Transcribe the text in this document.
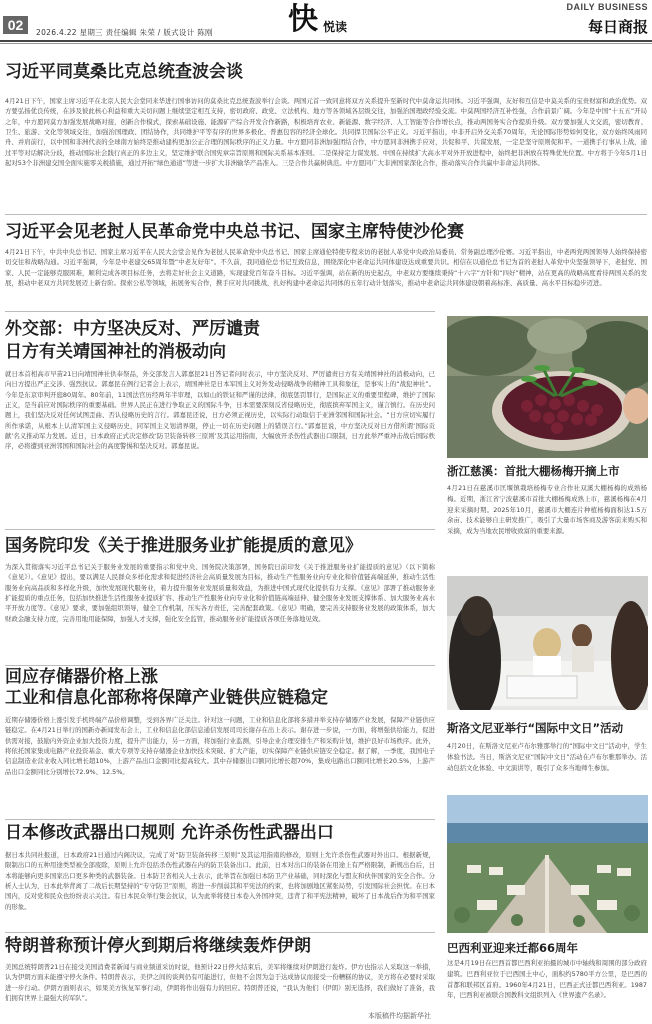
02	2026.4.22 星期三 责任编辑 朱荣 / 版式设计 陈刚	快 悦读
DAILY BUSINESS
每日商报
习近平同莫桑比克总统查波会谈
4月21日下午，国家主席习近平在北京人民大会堂同来华进行国事访问的莫桑比克总统查波举行会谈。两国元首一致同意将双方关系提升至新时代中莫命运共同体。习近平强调，友好和互信是中莫关系的宝贵财富和政治优势。双方要弘扬优良传统，在涉及彼此核心利益和重大关切问题上继续坚定相互支持，密切政府、政党、立法机构、地方等各领域各层级交往，加强治国理政经验交流。中莫两国经济互补性强，合作前景广阔。今年是中国“十五五”开局之年，中方愿同莫方加强发展战略对接，创新合作模式，探索基础设施、能源矿产综合开发合作新路，积极培育农业、新能源、数字经济、人工智能等合作增长点，推动两国务实合作提质升级。双方要加强人文交流，密切教育、卫生、旅游、文化等领域交往，加强治国理政、团结协作，共同维护平等有序的世界多极化、普惠包容的经济全球化。共同捍卫国际公平正义。习近平指出，中非开启外交关系70周年，无论国际形势如何变化，双方始终风雨同舟、并肩前行，以中国和非洲代表的全球南方始终是推动建构更加公正合理的国际秩序的正义力量。中方愿同非洲加强团结合作，中方愿同非洲携手应对，共促和平、共谋发展，一定是坚守原则促和平。一道携手行事从上战，通过平等对话解决分歧，推动国际社会践行真正的多边主义，坚定维护联合国宪章宗旨原则和国际关系基本准则。二是保持定力谋发展。中国在持续扩大高水平对外开放进程中，始终把非洲放在特殊优先位置。中方将于今年5月1日起对53个非洲建交国全面实施零关税措施，通过开拓“绿色通道”等进一步扩大非洲输华产品准入。三是合作共赢树典范。中方愿同广大非洲国家深化合作，推动落实合作共赢中非命运共同体。
习近平会见老挝人民革命党中央总书记、国家主席特使沙伦赛
4月21日下午，中共中央总书记、国家主席习近平在人民大会堂会见作为老挝人民革命党中央总书记、国家主席通伦特使专程来访的老挝人革党中央政治局委员、常务副总理沙伦赛。习近平指出，中老两党两国领导人始终保持密切交往和战略沟通。习近平强调，今年是中老建交65周年暨“中老友好年”。不久前，我同通伦总书记互致信息，围绕深化中老命运共同体建设达成重要共识。相信在以通伦总书记为首的老挝人革党中央坚强领导下，老挝党、国家、人民一定能够克服困难，顺利完成各项目标任务，去将走好社会主义道路，实现建党百年奋斗目标。习近平强调，站在新的历史起点，中老双方要继续秉持“十六字”方针和“四好”精神，站在更高的战略高度看待两国关系的发展，推动中老双方共同发展迈上新台阶。探索公私等领域，拓展务实合作，携手应对共同挑战，扎好构建中老命运共同体的五年行动计划落实，推动中老命运共同体建设朝着高标准、高质量、高水平目标稳步迈进。
外交部：中方坚决反对、严厉谴责
日方有关靖国神社的消极动向
就日本首相高市早苗21日向靖国神社供奉祭品，外交部发言人郭嘉昆21日答记者问时表示，中方坚决反对、严厉谴责日方有关靖国神社的消极动向，已向日方提出严正交涉、强烈抗议。郭嘉昆在例行记者会上表示，靖国神社是日本军国主义对外发动侵略战争的精神工具和象征，是事实上的“战犯神社”。今年是东京审判开庭80周年。80年前，11国法官历经两年半审理，以如山的铁证和严谨的法律，彻底惩罚罪行，是国际正义的重要里程碑，维护了国际正义，是当前应对国际秩序的重要基础。世界人民正在进行争取正义的国际斗争，日本需要深刻反省侵略历史，彻底摈弃军国主义，谨言慎行。在历史问题上，我们坚决反对任何试图歪曲、否认侵略历史的言行。郭嘉昆还说，日方必须正视历史，以实际行动取信于亚洲邻国和国际社会。“日方应切实履行所作承诺，从根本上认清军国主义侵略历史，同军国主义划清界限，停止一切在历史问题上的错误言行。”郭嘉昆说，中方坚决反对日方借所谓‘国际贡献’名义推动军力发展。近日，日本政府正式决定修改‘防卫装备转移三原则’及其运用指南，大幅放开杀伤性武器出口限制，日方此举严重冲击战后国际秩序，必将遭到亚洲邻国和国际社会的高度警惕和坚决反对。郭嘉昆说。
国务院印发《关于推进服务业扩能提质的意见》
为深入贯彻落实习近平总书记关于服务业发展的重要指示和党中央、国务院决策部署，国务院日前印发《关于推进服务业扩能提质的意见》（以下简称《意见》）。《意见》提出，要以满足人民群众多样化需求和促进经济社会高质量发展为目标，推动生产性服务业向专业化和价值链高端延伸，推动生活性服务业向高品质和多样化升级，加快发展现代服务业，着力提升服务业发展质量和效益，为推进中国式现代化提供有力支撑。《意见》部署了推动服务业扩能提质的重点任务，包括加快推进生活性服务业提质扩容、推动生产性服务业向专业化和价值链高端延伸、健全服务业发展支撑体系、加大服务业高水平开放力度等。《意见》要求，要加强组织领导，健全工作机制，压实各方责任，完善配套政策。《意见》明确，要完善支持服务业发展的政策体系，加大财政金融支持力度，完善用地用能保障，加强人才支撑，强化安全监管，推动服务业扩能提质各项任务落地见效。
回应存储器价格上涨
工业和信息化部称将保障产业链供应链稳定
近期存储器价格上涨引发手机终端产品价格调整，受到各界广泛关注。针对这一问题，工业和信息化部将多措并举支持存储器产业发展，保障产业链供应链稳定。在4月21日举行的国新办新闻发布会上，工业和信息化部信息通信发展司司长谢存在出上表示。谢存进一步说，一方面，将增强供给能力，促进供需对接，鼓励内外资企业加大投资力度，提升产出能力，另一方面，将加强行业监测，引导企业合理安排生产和采购计划，维护良好市场秩序。此外，将依托国家集成电路产业投资基金、重大专项等支持存储器企业加快技术突破、扩大产能，切实保障产业链供应链安全稳定。据了解，一季度，我国电子信息制造业营业收入同比增长超10%，上游产品出口金额同比提高较大。其中存储器出口额同比增长超70%，集成电路出口额同比增长20.5%，上游产品出口金额同比分别增长72.9%、12.5%。
日本修改武器出口规则 允许杀伤性武器出口
据日本共同社报道，日本政府21日通过内阁决议，完成了对“防卫装备转移三原则”及其运用指南的修改，原则上允许杀伤性武器对外出口。根据新规，限制出口的五种用途类型被全部废除，原则上允许包括杀伤性武器在内的防卫装备出口。此前，日本对出口的装备在用途上有严格限制，新规出台后，日本将能够向更多国家出口更多种类的武器装备。日本防卫省相关人士表示，此举旨在加强日本防卫产业基础，同时深化与盟友和伙伴国家的安全合作。分析人士认为，日本此举背离了二战后长期坚持的“专守防卫”原则，将进一步削弱其和平宪法的约束，也将加剧地区紧张局势，引发国际社会担忧。在日本国内，反对党和民众也纷纷表示关注。有日本民众举行集会抗议，认为此举将使日本卷入外国冲突，违背了和平宪法精神，破坏了日本战后作为和平国家的形象。
特朗普称预计停火到期后将继续轰炸伊朗
美国总统特朗普21日在接受美国消费者新闻与商业频道采访时说，他预计22日停火结束后，美军将继续对伊朗进行轰炸。伊方也指示人采取这一举措，认为伊朗方面未能遵守停火条件。特朗普表示，美伊之间的谈判仍有可能进行，但他不会因为急于达成协议而接受一份糟糕的协议，美方将在必要时采取进一步行动。伊朗方面则表示，如果美方恢复军事行动，伊朗将作出强有力的回应。特朗普还说，“我认为他们（伊朗）别无选择，我们做好了准备，我们拥有世界上最强大的军队”。
本版稿件均据新华社
浙江慈溪：首批大棚杨梅开摘上市
4月21日在慈溪市匡堰镇栽培杨梅专业合作社双溪大棚杨梅的成熟杨梅。近期，浙江省宁波慈溪市首批大棚杨梅成熟上市，慈溪杨梅在4月迎来采摘时期。2025年10月，慈溪市大棚连片种植杨梅面积达1.5万余亩、技术能够自主研发推广，吸引了大量市场客商及游客前来购买和采摘，成为当地农民增收致富的重要来源。
斯洛文尼亚举行“国际中文日”活动
4月20日，在斯洛文尼亚卢布尔雅那举行的“国际中文日”活动中，学生体验书法。当日，斯洛文尼亚“国际中文日”活动在卢布尔雅那举办。活动包括文化体验、中文演讲等，吸引了众多当地师生参加。
巴西利亚迎来迁都66周年
这是4月19日在巴西首都巴西利亚拍摄的城市中轴线和周围的部分政府建筑。巴西利亚位于巴西国土中心，面积约5780平方公里，是巴西的首都和联邦区首府。1960年4月21日，巴西正式迁都巴西利亚。1987年，巴西利亚被联合国教科文组织列入《世界遗产名录》。
